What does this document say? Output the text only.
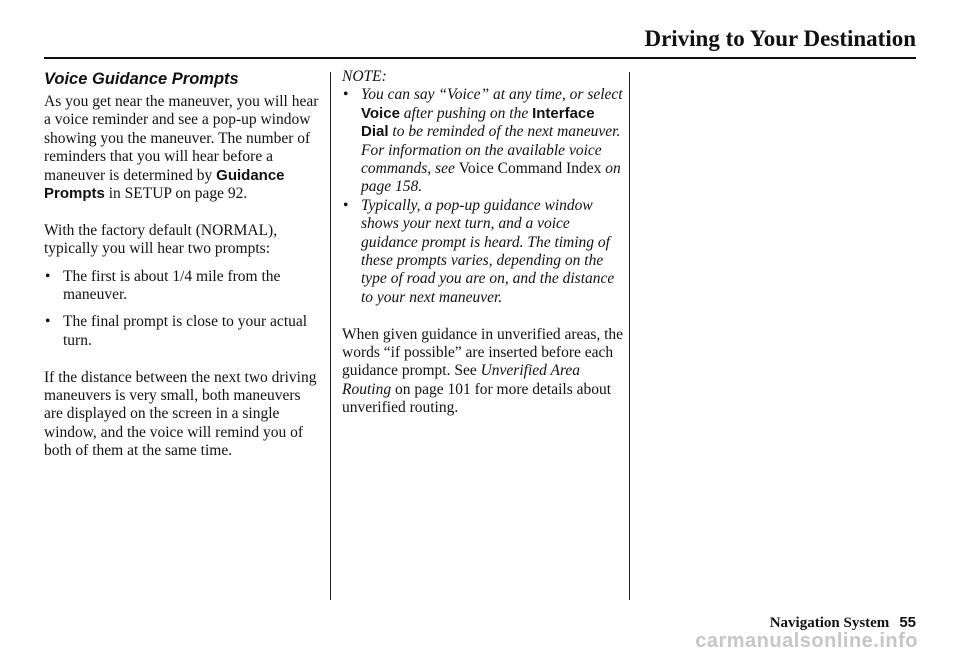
Driving to Your Destination
Voice Guidance Prompts

As you get near the maneuver, you will hear a voice reminder and see a pop-up window showing you the maneuver. The number of reminders that you will hear before a maneuver is determined by Guidance Prompts in SETUP on page 92.

With the factory default (NORMAL), typically you will hear two prompts:

• The first is about 1/4 mile from the maneuver.
• The final prompt is close to your actual turn.

If the distance between the next two driving maneuvers is very small, both maneuvers are displayed on the screen in a single window, and the voice will remind you of both of them at the same time.

NOTE:

• You can say “Voice” at any time, or select Voice after pushing on the Interface Dial to be reminded of the next maneuver. For information on the available voice commands, see Voice Command Index on page 158.
• Typically, a pop-up guidance window shows your next turn, and a voice guidance prompt is heard. The timing of these prompts varies, depending on the type of road you are on, and the distance to your next maneuver.

When given guidance in unverified areas, the words “if possible” are inserted before each guidance prompt. See Unverified Area Routing on page 101 for more details about unverified routing.

Navigation System 55
carmanualsonline.info
